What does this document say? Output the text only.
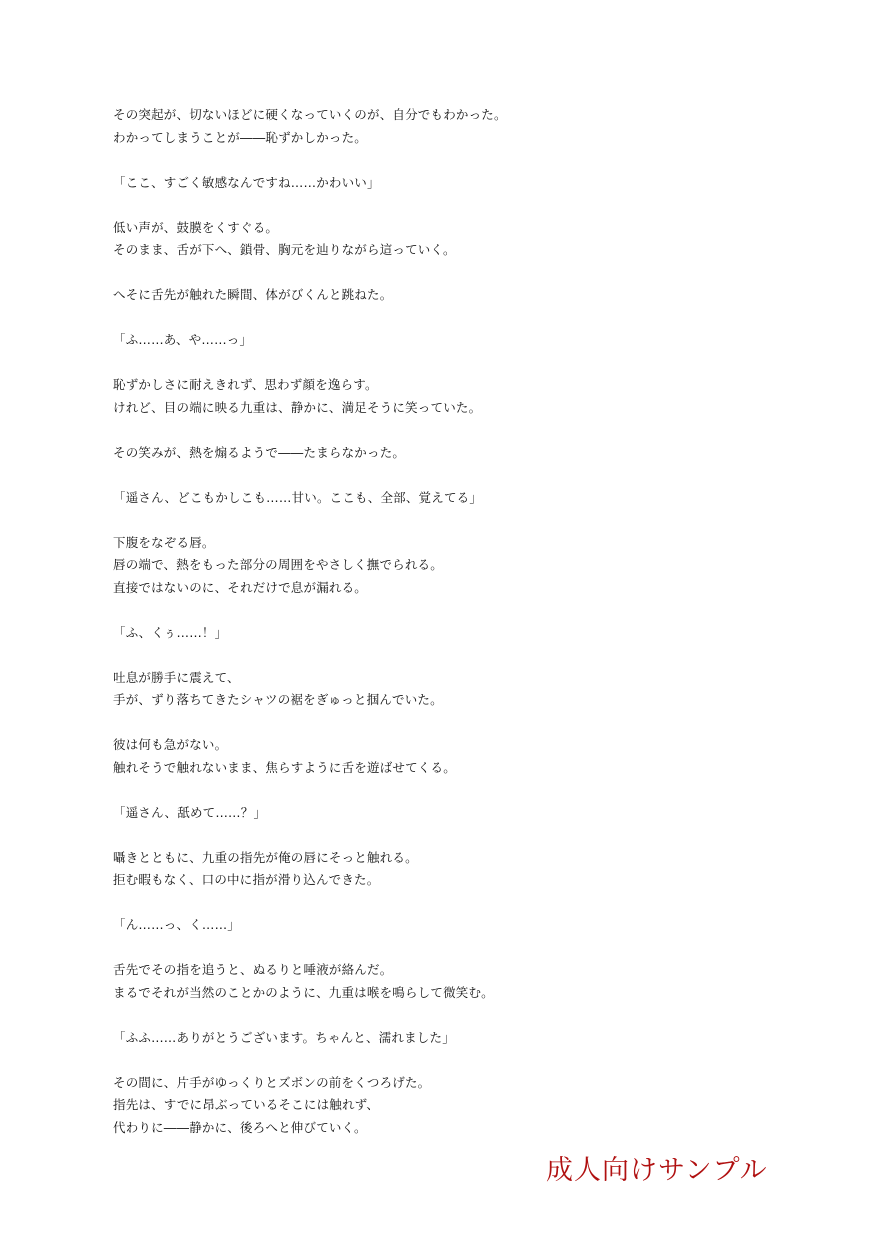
その突起が、切ないほどに硬くなっていくのが、自分でもわかった。
わかってしまうことが――恥ずかしかった。
「ここ、すごく敏感なんですね……かわいい」
低い声が、鼓膜をくすぐる。
そのまま、舌が下へ、鎖骨、胸元を辿りながら這っていく。
へそに舌先が触れた瞬間、体がびくんと跳ねた。
「ふ……あ、や……っ」
恥ずかしさに耐えきれず、思わず顔を逸らす。
けれど、目の端に映る九重は、静かに、満足そうに笑っていた。
その笑みが、熱を煽るようで――たまらなかった。
「遥さん、どこもかしこも……甘い。ここも、全部、覚えてる」
下腹をなぞる唇。
唇の端で、熱をもった部分の周囲をやさしく撫でられる。
直接ではないのに、それだけで息が漏れる。
「ふ、くぅ……！」
吐息が勝手に震えて、
手が、ずり落ちてきたシャツの裾をぎゅっと掴んでいた。
彼は何も急がない。
触れそうで触れないまま、焦らすように舌を遊ばせてくる。
「遥さん、舐めて……？」
囁きとともに、九重の指先が俺の唇にそっと触れる。
拒む暇もなく、口の中に指が滑り込んできた。
「ん……っ、く……」
舌先でその指を追うと、ぬるりと唾液が絡んだ。
まるでそれが当然のことかのように、九重は喉を鳴らして微笑む。
「ふふ……ありがとうございます。ちゃんと、濡れました」
その間に、片手がゆっくりとズボンの前をくつろげた。
指先は、すでに昂ぶっているそこには触れず、
代わりに――静かに、後ろへと伸びていく。
成人向けサンプル
